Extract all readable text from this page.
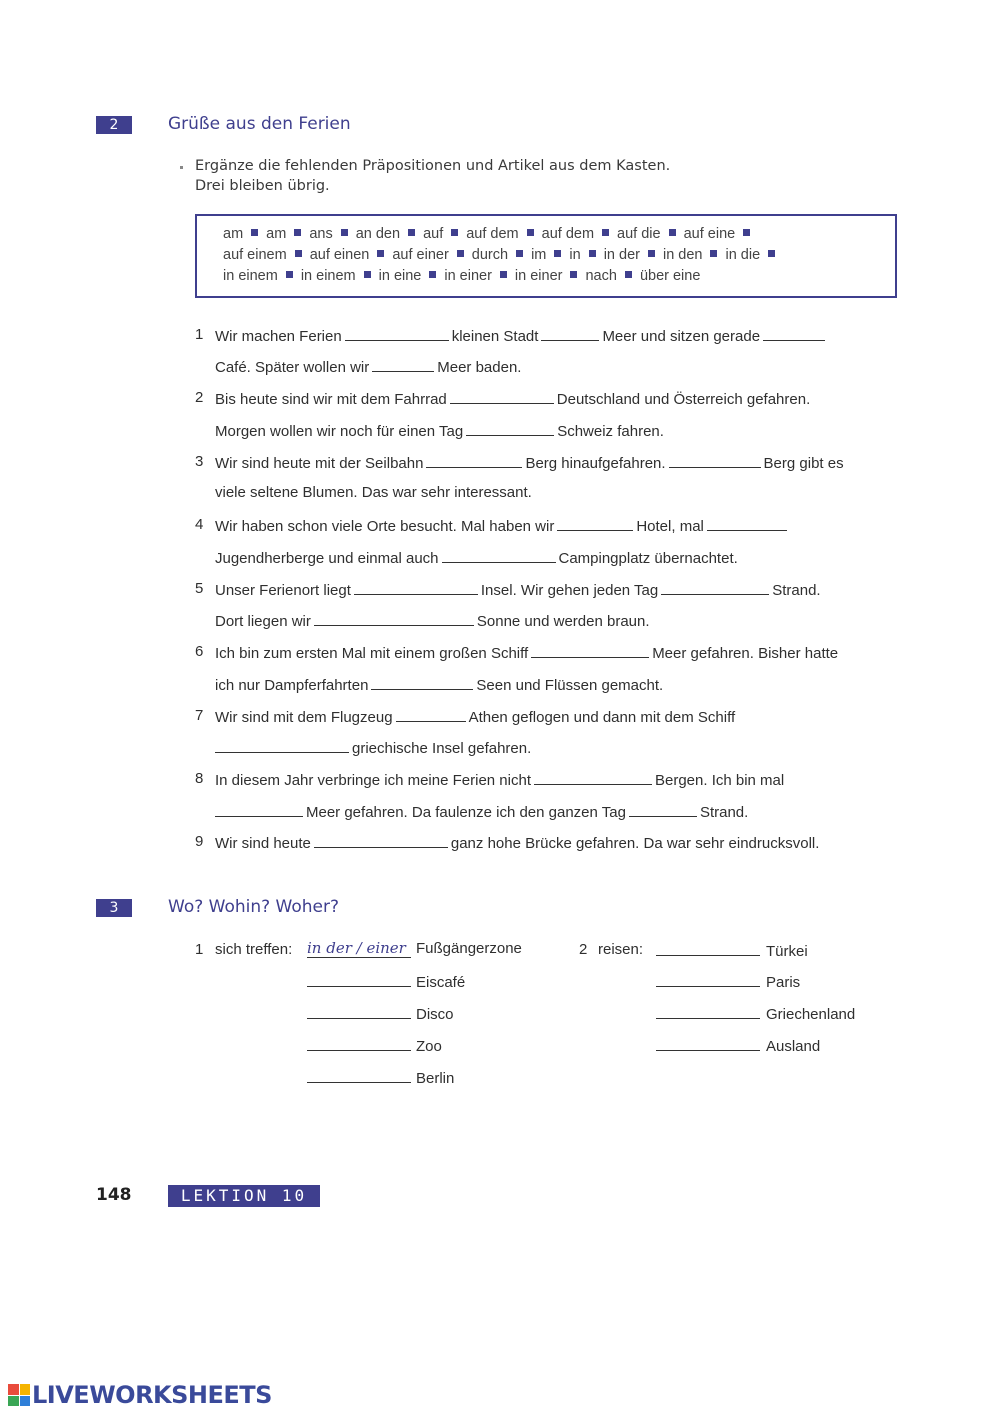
2	Grüße aus den Ferien
Ergänze die fehlenden Präpositionen und Artikel aus dem Kasten.
Drei bleiben übrig.
am am ans an den auf auf dem auf dem auf die auf eine
auf einem auf einen auf einer durch im in in der in den in die
in einem in einem in eine in einer in einer nach über eine
1 Wir machen Ferien	kleinen Stadt	Meer und sitzen gerade
Café. Später wollen wir	Meer baden.
2 Bis heute sind wir mit dem Fahrrad	Deutschland und Österreich gefahren.
Morgen wollen wir noch für einen Tag	Schweiz fahren.
3 Wir sind heute mit der Seilbahn	Berg hinaufgefahren.	Berg gibt es
viele seltene Blumen. Das war sehr interessant.
4 Wir haben schon viele Orte besucht. Mal haben wir	Hotel, mal
Jugendherberge und einmal auch	Campingplatz übernachtet.
5 Unser Ferienort liegt	Insel. Wir gehen jeden Tag	Strand.
Dort liegen wir	Sonne und werden braun.
6 Ich bin zum ersten Mal mit einem großen Schiff	Meer gefahren. Bisher hatte
ich nur Dampferfahrten	Seen und Flüssen gemacht.
7 Wir sind mit dem Flugzeug	Athen geflogen und dann mit dem Schiff
griechische Insel gefahren.
8 In diesem Jahr verbringe ich meine Ferien nicht	Bergen. Ich bin mal
Meer gefahren. Da faulenze ich den ganzen Tag	Strand.
9 Wir sind heute	ganz hohe Brücke gefahren. Da war sehr eindrucksvoll.
3	Wo? Wohin? Woher?
1 sich treffen: in der / einer Fußgängerzone
Eiscafé
Disco
Zoo
Berlin
2 reisen:	Türkei
Paris
Griechenland
Ausland
148	LEKTION 10
LIVEWORKSHEETS
